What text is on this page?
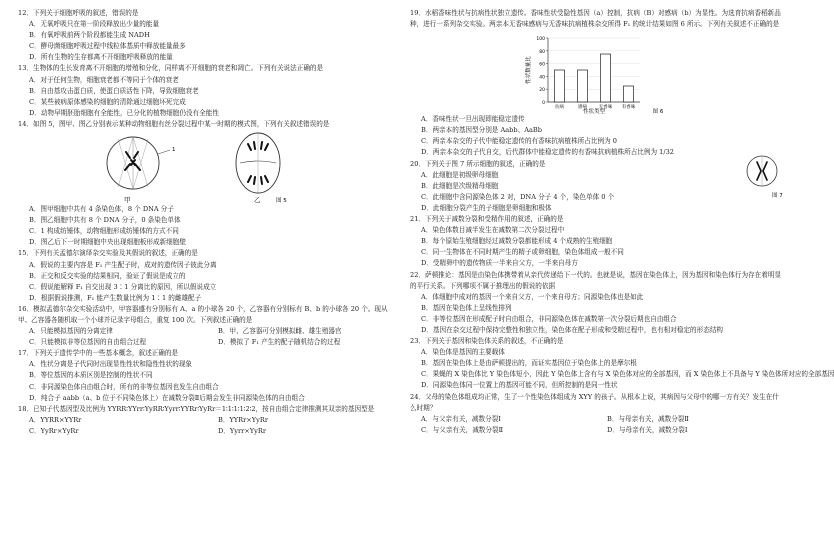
12．下列关于细胞呼吸的叙述，错误的是
A．无氧呼吸只在第一阶段释放出少量的能量
B．有氧呼吸前两个阶段都能生成 NADH
C．酵母菌细胞呼吸过程中线粒体基质中释放能量最多
D．所有生物的生存都离不开细胞呼吸释放的能量
13．生物体的生长发育离不开细胞的增殖和分化，同样离不开细胞的衰老和凋亡。下列有关说法正确的是
A．对于任何生物，细胞衰老都不等同于个体的衰老
B．自由基攻击蛋白质，使蛋白质活性下降，导致细胞衰老
C．某些被病原体感染的细胞的清除通过细胞坏死完成
D．动物早期胚胎细胞有全能性，已分化的植物细胞仍没有全能性
14．如图 5，图甲、图乙分别表示某种动物细胞有丝分裂过程中某一时期的模式图，下列有关叙述错误的是
甲	乙
1
图 5
A．图甲细胞中共有 4 条染色体，8 个 DNA 分子
B．图乙细胞中共有 8 个 DNA 分子，0 条染色单体
C．1 构成纺锤体，动物细胞形成纺锤体的方式不同
D．图乙后下一时期细胞中央出现细胞板形成新细胞壁
15．下列有关孟德尔演绎杂交实验及其假说的叙述，正确的是
A．假说的主要内容是 F₁ 产生配子时，成对的遗传因子彼此分离
B．正交和反交实验的结果相同，验证了假说是成立的
C．假说能解释 F₁ 自交出现 3∶1 分离比的原因，所以假说成立
D．根据假说推测，F₁ 能产生数量比例为 1∶1 的雌雄配子
16．模拟孟德尔杂交实验活动中，甲容器盛有分别标有 A、a 的小球各 20 个，乙容器有分别标有 B、b 的小球各 20 个。现从甲、乙容器各随机取一个小球并记录字母组合，重复 100 次。下列叙述正确的是
A．只能模拟基因的分离定律	B．甲、乙容器可分别模拟雌、雄生殖器官
C．只能模拟非等位基因的自由组合过程	D．模拟了 F₁ 产生的配子随机结合的过程
17．下列关于遗传学中的一些基本概念，叙述正确的是
A．性状分离是子代同时出现显性性状和隐性性状的现象
B．等位基因的本质区别是控制的性状不同
C．非同源染色体自由组合时，所有的非等位基因也发生自由组合
D．纯合子 aabb（a、b 位于不同染色体上）在减数分裂Ⅱ后期会发生非同源染色体的自由组合
18．已知子代基因型及比例为 YYRR∶YYrr∶YyRR∶Yyrr∶YYRr∶YyRr＝1∶1∶1∶1∶2∶2，按自由组合定律推测其双亲的基因型是
A．YYRR×YYRr	B．YYRr×YyRr
C．YyRr×YyRr	D．Yyrr×YyRr
19．水稻香味性状与抗病性状独立遗传。香味性状受隐性基因（a）控制，抗病（B）对感病（b）为显性。为选育抗病香稻新品种，进行一系列杂交实验。两亲本无香味感病与无香味抗病植株杂交所得 F₁ 的统计结果如图 6 所示。下列有关叙述不正确的是
性状数量比
性状类型	图 6
0
20
40
60
80
100
抗病	感病	无香味 有香味
A．香味性状一旦出现即能稳定遗传
B．两亲本的基因型分别是 Aabb、AaBb
C．两亲本杂交的子代中能稳定遗传的有香味抗病植株所占比例为 0
D．两亲本杂交的子代自交，后代群体中能稳定遗传的有香味抗病植株所占比例为 1/32
20．下列关于图 7 所示细胞的叙述，正确的是
图 7
A．此细胞是初级卵母细胞
B．此细胞是次级精母细胞
C．此细胞中含同源染色体 2 对，DNA 分子 4 个，染色单体 0 个
D．此细胞分裂产生的子细胞是卵细胞和极体
21．下列关于减数分裂和受精作用的叙述，正确的是
A．染色体数目减半发生在减数第二次分裂过程中
B．每个原始生殖细胞经过减数分裂都能形成 4 个成熟的生殖细胞
C．同一生物体在不同时期产生的精子或卵细胞，染色体组成一般不同
D．受精卵中的遗传物质一半来自父方，一半来自母方
22．萨顿推论：基因是由染色体携带着从亲代传递给下一代的。也就是说，基因在染色体上，因为基因和染色体行为存在着明显的平行关系。下列哪项不属于推理出的假说的依据
A．体细胞中成对的基因一个来自父方，一个来自母方；同源染色体也是如此
B．基因在染色体上呈线性排列
C．非等位基因在形成配子时自由组合，非同源染色体在减数第一次分裂后期也自由组合
D．基因在杂交过程中保持完整性和独立性，染色体在配子形成和受精过程中，也有相对稳定的形态结构
23．下列关于基因和染色体关系的叙述，不正确的是
A．染色体是基因的主要载体
B．基因在染色体上是由萨顿提出的，而证实基因位于染色体上的是摩尔根
C．果蝇的 X 染色体比 Y 染色体短小，因此 Y 染色体上含有与 X 染色体对应的全部基因，而 X 染色体上不具备与 Y 染色体所对应的全部基因
D．同源染色体同一位置上的基因可能不同，但所控制的是同一性状
24．父母的染色体组成均正常，生了一个性染色体组成为 XYY 的孩子。从根本上说，其病因与父母中的哪一方有关？发生在什么时期？
A．与父亲有关，减数分裂Ⅰ	B．与母亲有关，减数分裂Ⅱ
C．与父亲有关，减数分裂Ⅱ	D．与母亲有关，减数分裂Ⅰ
